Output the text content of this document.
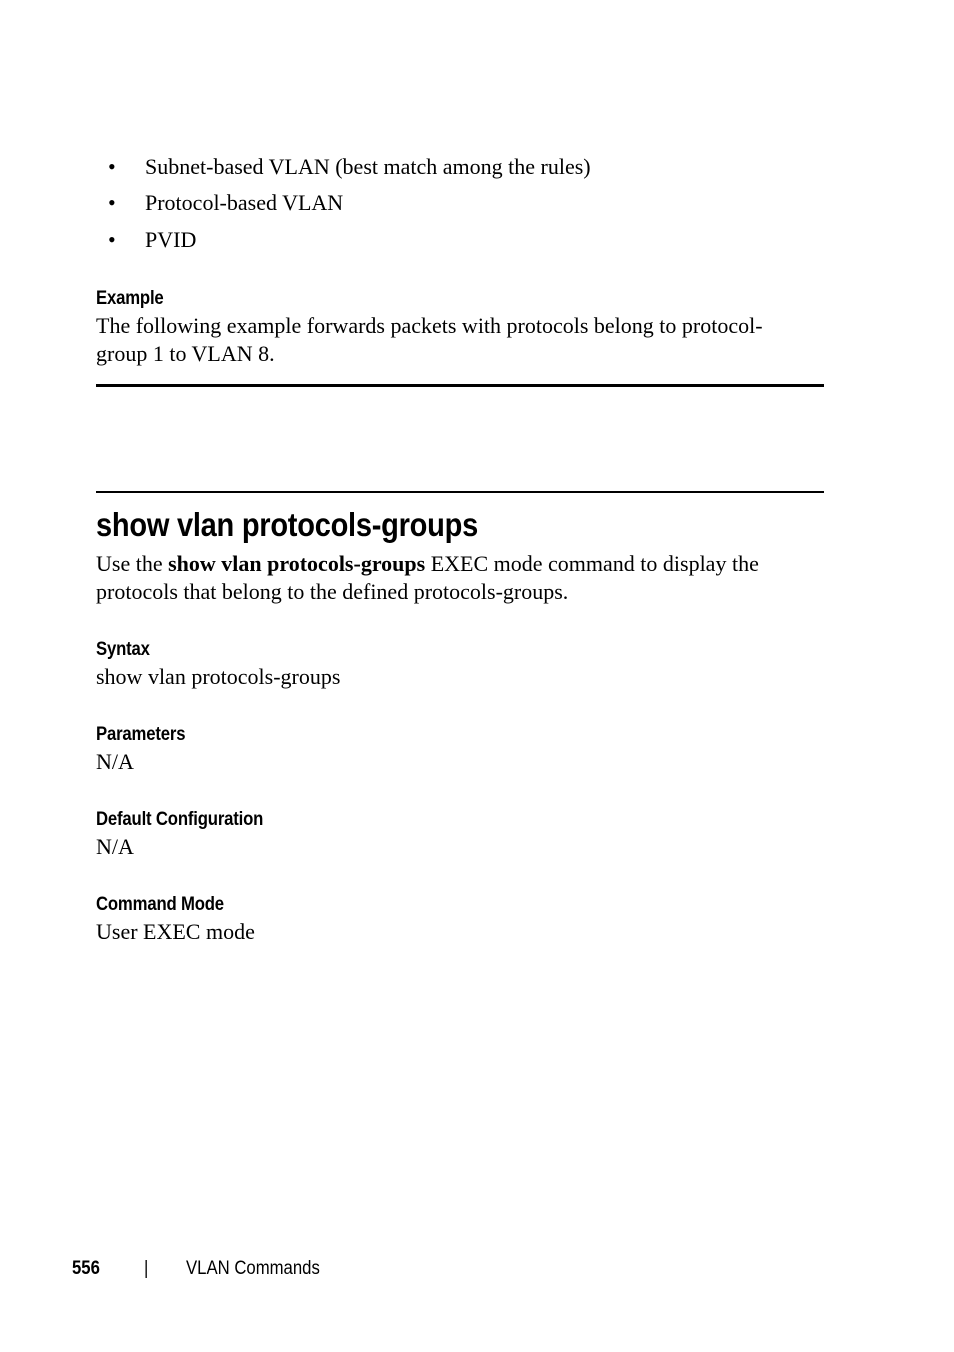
• Subnet-based VLAN (best match among the rules)
• Protocol-based VLAN
• PVID
Example
The following example forwards packets with protocols belong to protocol-
group 1 to VLAN 8.
show vlan protocols-groups
Use the show vlan protocols-groups EXEC mode command to display the
protocols that belong to the defined protocols-groups.
Syntax
show vlan protocols-groups
Parameters
N/A
Default Configuration
N/A
Command Mode
User EXEC mode
556 | VLAN Commands
